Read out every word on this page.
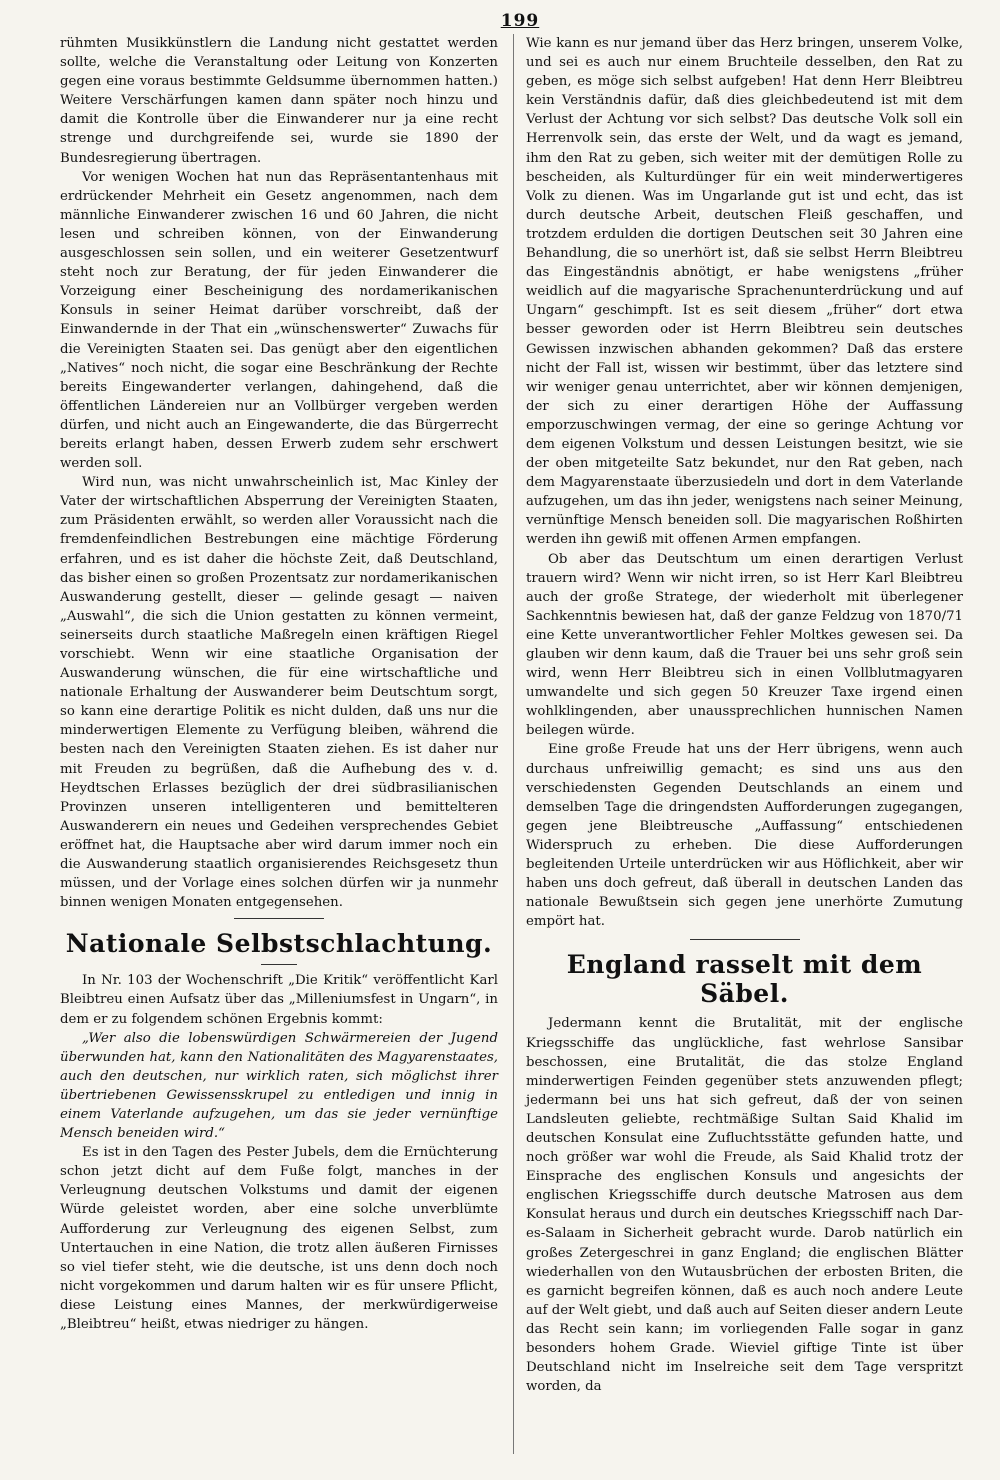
199

rühmten Musikkünstlern die Landung nicht gestattet werden sollte, welche die Veranstaltung oder Leitung von Konzerten gegen eine voraus bestimmte Geldsumme übernommen hatten.) Weitere Verschärfungen kamen dann später noch hinzu und damit die Kontrolle über die Einwanderer nur ja eine recht strenge und durchgreifende sei, wurde sie 1890 der Bundesregierung übertragen.

Vor wenigen Wochen hat nun das Repräsentantenhaus mit erdrückender Mehrheit ein Gesetz angenommen, nach dem männliche Einwanderer zwischen 16 und 60 Jahren, die nicht lesen und schreiben können, von der Einwanderung ausgeschlossen sein sollen, und ein weiterer Gesetzentwurf steht noch zur Beratung, der für jeden Einwanderer die Vorzeigung einer Bescheinigung des nordamerikanischen Konsuls in seiner Heimat darüber vorschreibt, daß der Einwandernde in der That ein „wünschenswerter“ Zuwachs für die Vereinigten Staaten sei. Das genügt aber den eigentlichen „Natives“ noch nicht, die sogar eine Beschränkung der Rechte bereits Eingewanderter verlangen, dahingehend, daß die öffentlichen Ländereien nur an Vollbürger vergeben werden dürfen, und nicht auch an Eingewanderte, die das Bürgerrecht bereits erlangt haben, dessen Erwerb zudem sehr erschwert werden soll.

Wird nun, was nicht unwahrscheinlich ist, Mac Kinley der Vater der wirtschaftlichen Absperrung der Vereinigten Staaten, zum Präsidenten erwählt, so werden aller Voraussicht nach die fremdenfeindlichen Bestrebungen eine mächtige Förderung erfahren, und es ist daher die höchste Zeit, daß Deutschland, das bisher einen so großen Prozentsatz zur nordamerikanischen Auswanderung gestellt, dieser — gelinde gesagt — naiven „Auswahl“, die sich die Union gestatten zu können vermeint, seinerseits durch staatliche Maßregeln einen kräftigen Riegel vorschiebt. Wenn wir eine staatliche Organisation der Auswanderung wünschen, die für eine wirtschaftliche und nationale Erhaltung der Auswanderer beim Deutschtum sorgt, so kann eine derartige Politik es nicht dulden, daß uns nur die minderwertigen Elemente zu Verfügung bleiben, während die besten nach den Vereinigten Staaten ziehen. Es ist daher nur mit Freuden zu begrüßen, daß die Aufhebung des v. d. Heydtschen Erlasses bezüglich der drei südbrasilianischen Provinzen unseren intelligenteren und bemittelteren Auswanderern ein neues und Gedeihen versprechendes Gebiet eröffnet hat, die Hauptsache aber wird darum immer noch ein die Auswanderung staatlich organisierendes Reichsgesetz thun müssen, und der Vorlage eines solchen dürfen wir ja nunmehr binnen wenigen Monaten entgegensehen.

Nationale Selbstschlachtung.

In Nr. 103 der Wochenschrift „Die Kritik“ veröffentlicht Karl Bleibtreu einen Aufsatz über das „Milleniumsfest in Ungarn“, in dem er zu folgendem schönen Ergebnis kommt:

„Wer also die lobenswürdigen Schwärmereien der Jugend überwunden hat, kann den Nationalitäten des Magyarenstaates, auch den deutschen, nur wirklich raten, sich möglichst ihrer übertriebenen Gewissensskrupel zu entledigen und innig in einem Vaterlande aufzugehen, um das sie jeder vernünftige Mensch beneiden wird.“

Es ist in den Tagen des Pester Jubels, dem die Ernüchterung schon jetzt dicht auf dem Fuße folgt, manches in der Verleugnung deutschen Volkstums und damit der eigenen Würde geleistet worden, aber eine solche unverblümte Aufforderung zur Verleugnung des eigenen Selbst, zum Untertauchen in eine Nation, die trotz allen äußeren Firnisses so viel tiefer steht, wie die deutsche, ist uns denn doch noch nicht vorgekommen und darum halten wir es für unsere Pflicht, diese Leistung eines Mannes, der merkwürdigerweise „Bleibtreu“ heißt, etwas niedriger zu hängen.

Wie kann es nur jemand über das Herz bringen, unserem Volke, und sei es auch nur einem Bruchteile desselben, den Rat zu geben, es möge sich selbst aufgeben! Hat denn Herr Bleibtreu kein Verständnis dafür, daß dies gleichbedeutend ist mit dem Verlust der Achtung vor sich selbst? Das deutsche Volk soll ein Herrenvolk sein, das erste der Welt, und da wagt es jemand, ihm den Rat zu geben, sich weiter mit der demütigen Rolle zu bescheiden, als Kulturdünger für ein weit minderwertigeres Volk zu dienen. Was im Ungarlande gut ist und echt, das ist durch deutsche Arbeit, deutschen Fleiß geschaffen, und trotzdem erdulden die dortigen Deutschen seit 30 Jahren eine Behandlung, die so unerhört ist, daß sie selbst Herrn Bleibtreu das Eingeständnis abnötigt, er habe wenigstens „früher weidlich auf die magyarische Sprachenunterdrückung und auf Ungarn“ geschimpft. Ist es seit diesem „früher“ dort etwa besser geworden oder ist Herrn Bleibtreu sein deutsches Gewissen inzwischen abhanden gekommen? Daß das erstere nicht der Fall ist, wissen wir bestimmt, über das letztere sind wir weniger genau unterrichtet, aber wir können demjenigen, der sich zu einer derartigen Höhe der Auffassung emporzuschwingen vermag, der eine so geringe Achtung vor dem eigenen Volkstum und dessen Leistungen besitzt, wie sie der oben mitgeteilte Satz bekundet, nur den Rat geben, nach dem Magyarenstaate überzusiedeln und dort in dem Vaterlande aufzugehen, um das ihn jeder, wenigstens nach seiner Meinung, vernünftige Mensch beneiden soll. Die magyarischen Roßhirten werden ihn gewiß mit offenen Armen empfangen.

Ob aber das Deutschtum um einen derartigen Verlust trauern wird? Wenn wir nicht irren, so ist Herr Karl Bleibtreu auch der große Stratege, der wiederholt mit überlegener Sachkenntnis bewiesen hat, daß der ganze Feldzug von 1870/71 eine Kette unverantwortlicher Fehler Moltkes gewesen sei. Da glauben wir denn kaum, daß die Trauer bei uns sehr groß sein wird, wenn Herr Bleibtreu sich in einen Vollblutmagyaren umwandelte und sich gegen 50 Kreuzer Taxe irgend einen wohlklingenden, aber unaussprechlichen hunnischen Namen beilegen würde.

Eine große Freude hat uns der Herr übrigens, wenn auch durchaus unfreiwillig gemacht; es sind uns aus den verschiedensten Gegenden Deutschlands an einem und demselben Tage die dringendsten Aufforderungen zugegangen, gegen jene Bleibtreusche „Auffassung“ entschiedenen Widerspruch zu erheben. Die diese Aufforderungen begleitenden Urteile unterdrücken wir aus Höflichkeit, aber wir haben uns doch gefreut, daß überall in deutschen Landen das nationale Bewußtsein sich gegen jene unerhörte Zumutung empört hat.

England rasselt mit dem Säbel.

Jedermann kennt die Brutalität, mit der englische Kriegsschiffe das unglückliche, fast wehrlose Sansibar beschossen, eine Brutalität, die das stolze England minderwertigen Feinden gegenüber stets anzuwenden pflegt; jedermann bei uns hat sich gefreut, daß der von seinen Landsleuten geliebte, rechtmäßige Sultan Said Khalid im deutschen Konsulat eine Zufluchtsstätte gefunden hatte, und noch größer war wohl die Freude, als Said Khalid trotz der Einsprache des englischen Konsuls und angesichts der englischen Kriegsschiffe durch deutsche Matrosen aus dem Konsulat heraus und durch ein deutsches Kriegsschiff nach Dar-es-Salaam in Sicherheit gebracht wurde. Darob natürlich ein großes Zetergeschrei in ganz England; die englischen Blätter wiederhallen von den Wutausbrüchen der erbosten Briten, die es garnicht begreifen können, daß es auch noch andere Leute auf der Welt giebt, und daß auch auf Seiten dieser andern Leute das Recht sein kann; im vorliegenden Falle sogar in ganz besonders hohem Grade. Wieviel giftige Tinte ist über Deutschland nicht im Inselreiche seit dem Tage verspritzt worden, da
